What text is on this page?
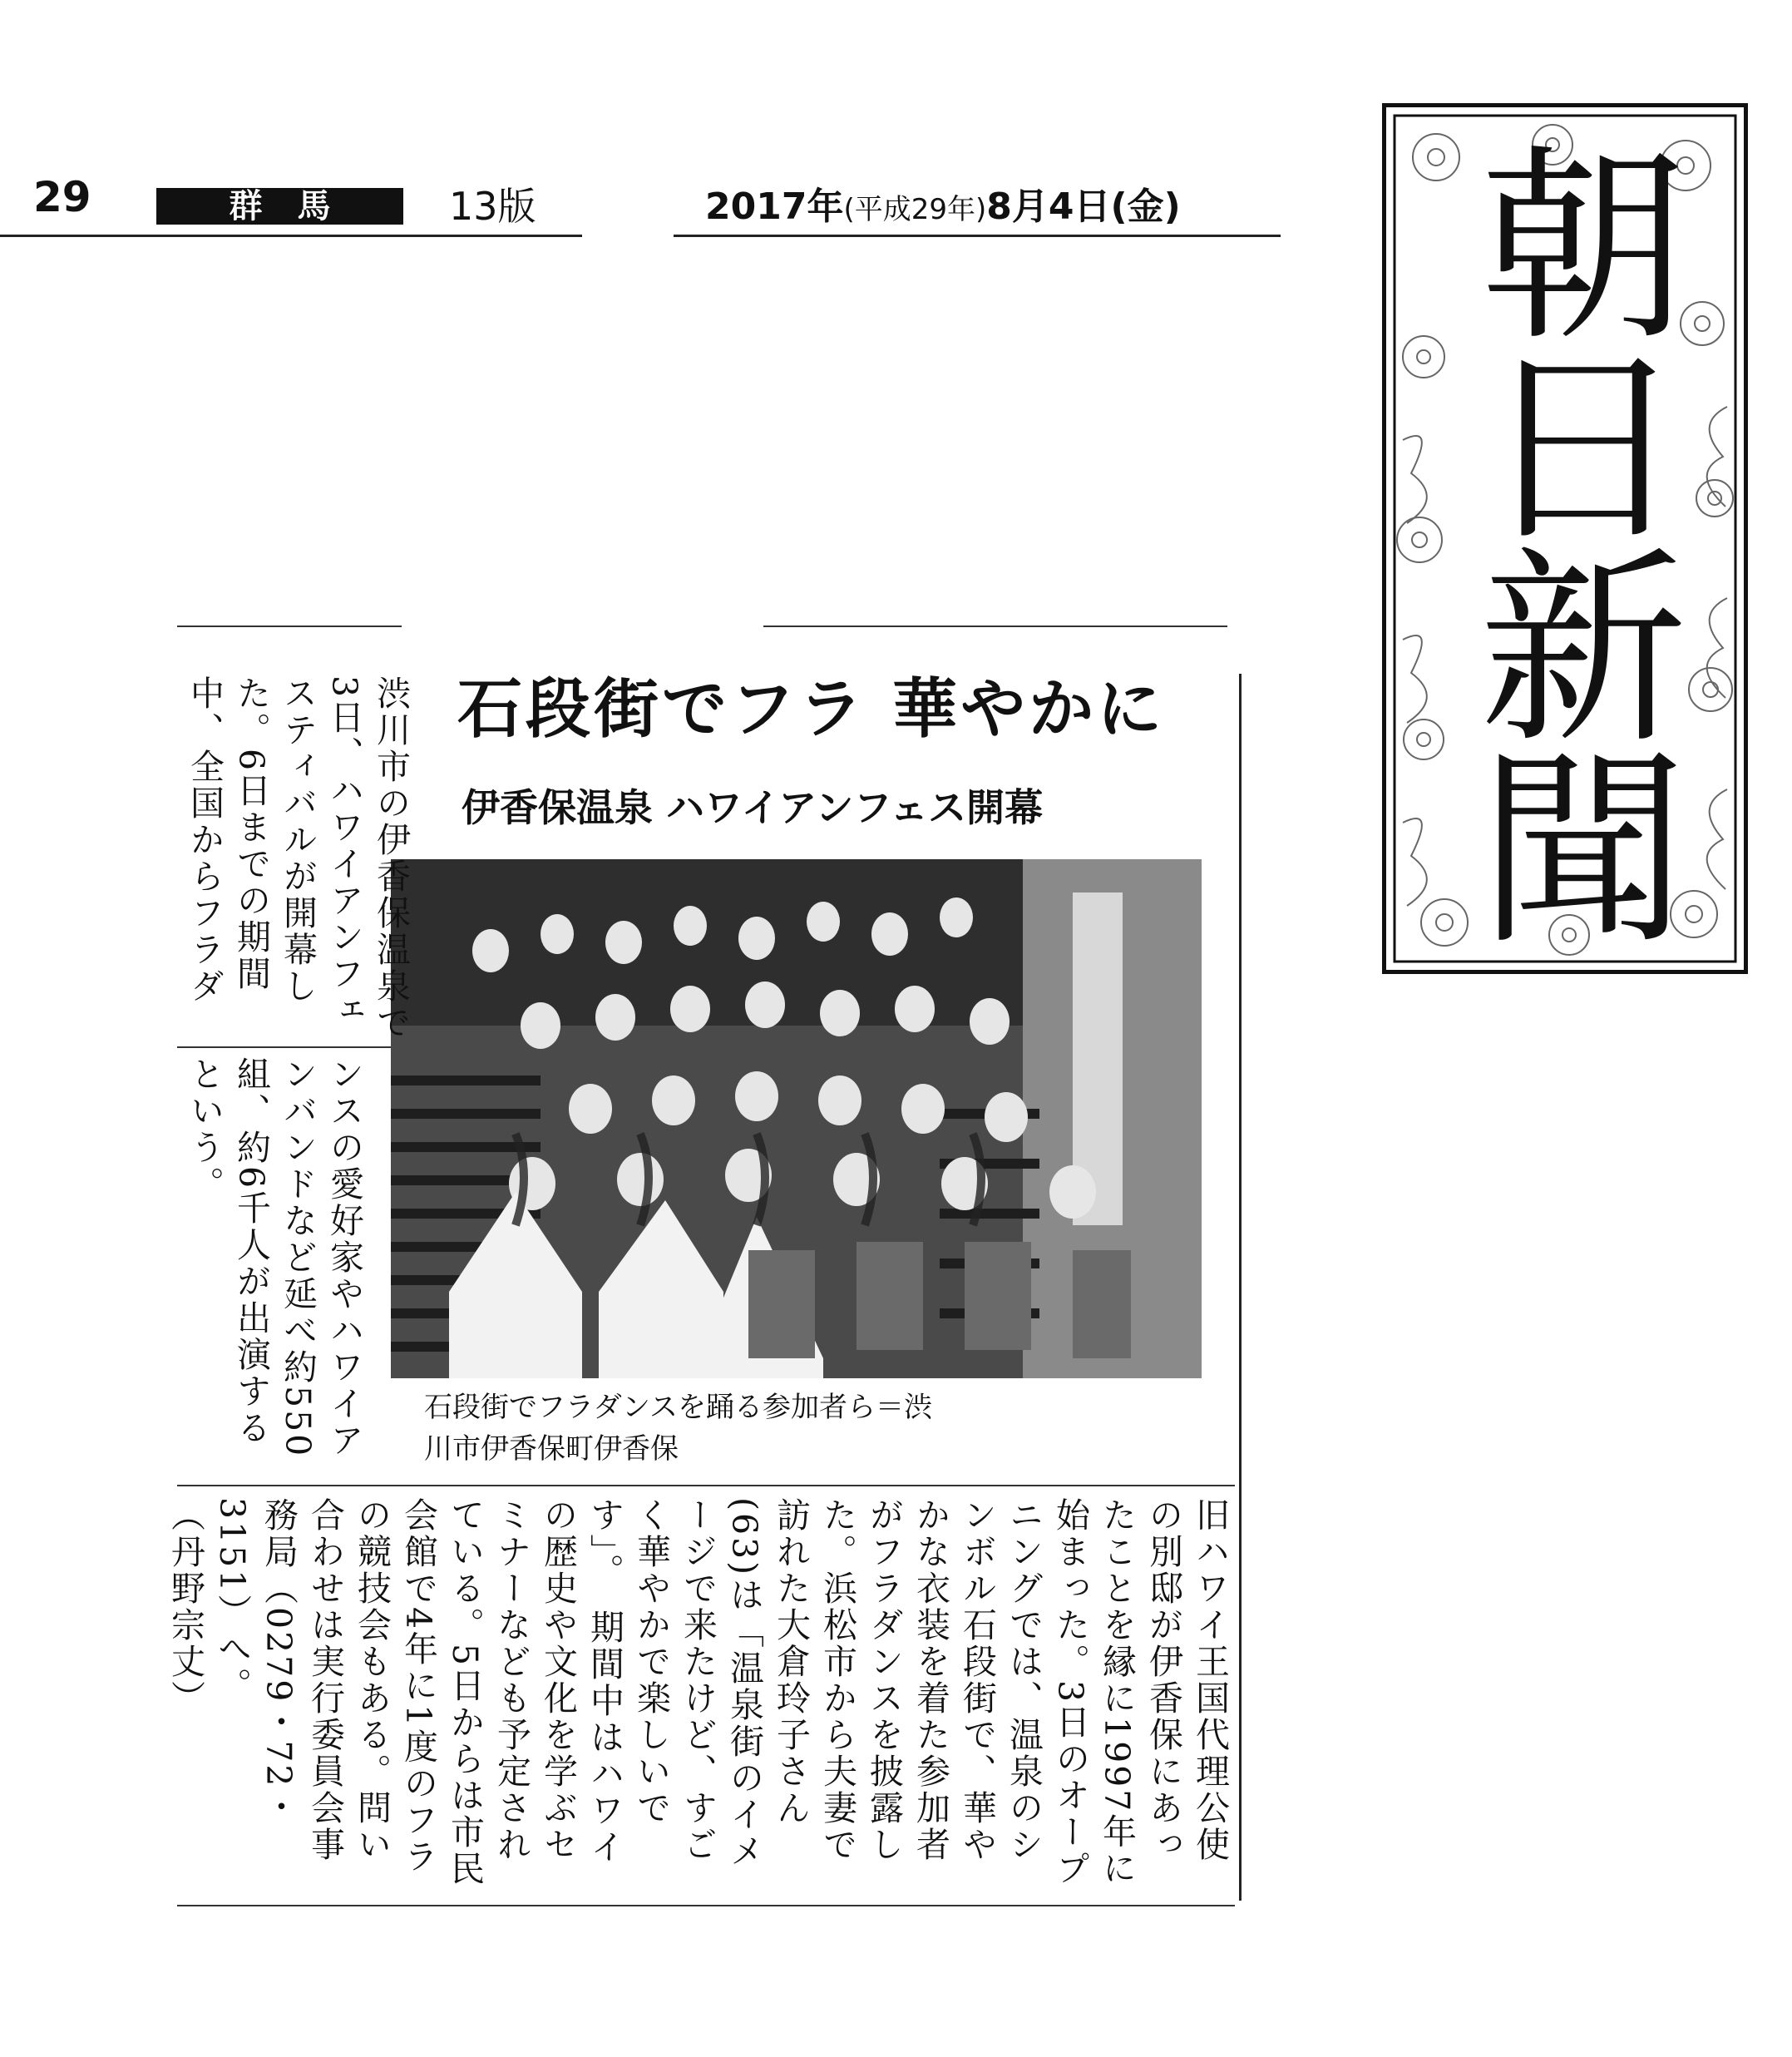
29	群馬	13版	2017年(平成29年)8月4日(金) 朝日新聞
石段街でフラ 華やかに
伊香保温泉 ハワイアンフェス開幕
石段街でフラダンスを踊る参加者ら＝渋川市伊香保町伊香保
渋川市の伊香保温泉で3日、ハワイアンフェスティバルが開幕した。6日までの期間中、全国からフラダ
ンスの愛好家やハワイアンバンドなど延べ約550組、約6千人が出演するという。
旧ハワイ王国代理公使の別邸が伊香保にあったことを縁に1997年に始まった。3日のオープニングでは、温泉のシンボル石段街で、華やかな衣装を着た参加者がフラダンスを披露した。浜松市から夫妻で訪れた大倉玲子さん(63)は「温泉街のイメージで来たけど、すごく華やかで楽しいです」。　期間中はハワイの歴史や文化を学ぶセミナーなども予定されている。5日からは市民会館で4年に1度のフラの競技会もある。問い合わせは実行委員会事務局（0279・72・3151）へ。（丹野宗丈）
